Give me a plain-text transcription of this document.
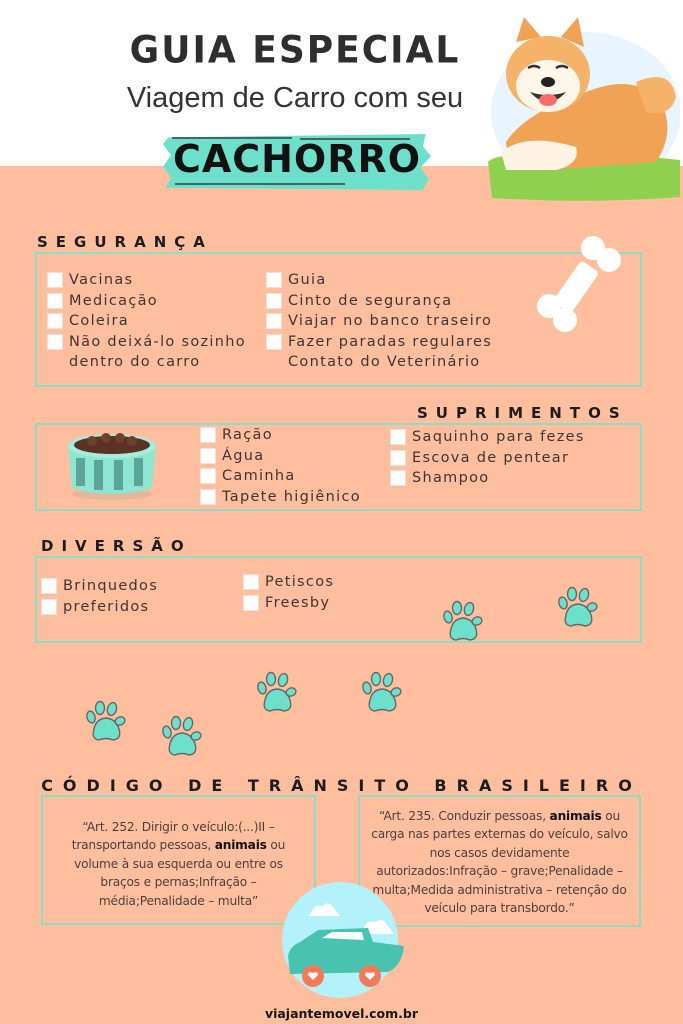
GUIA ESPECIAL
Viagem de Carro com seu
CACHORRO
SEGURANÇA
Vacinas
Medicação
Coleira
Não deixá-lo sozinho
dentro do carro
Guia
Cinto de segurança
Viajar no banco traseiro
Fazer paradas regulares
Contato do Veterinário
SUPRIMENTOS
Ração
Água
Caminha
Tapete higiênico
Saquinho para fezes
Escova de pentear
Shampoo
DIVERSÃO
Brinquedos
preferidos
Petiscos
Freesby
CÓDIGO DE TRÂNSITO BRASILEIRO
“Art. 252. Dirigir o veículo:(...)II – transportando pessoas, animais ou volume à sua esquerda ou entre os braços e pernas;Infração – média;Penalidade – multa”
“Art. 235. Conduzir pessoas, animais ou carga nas partes externas do veículo, salvo nos casos devidamente autorizados:Infração – grave;Penalidade – multa;Medida administrativa – retenção do veículo para transbordo.”
viajantemovel.com.br
